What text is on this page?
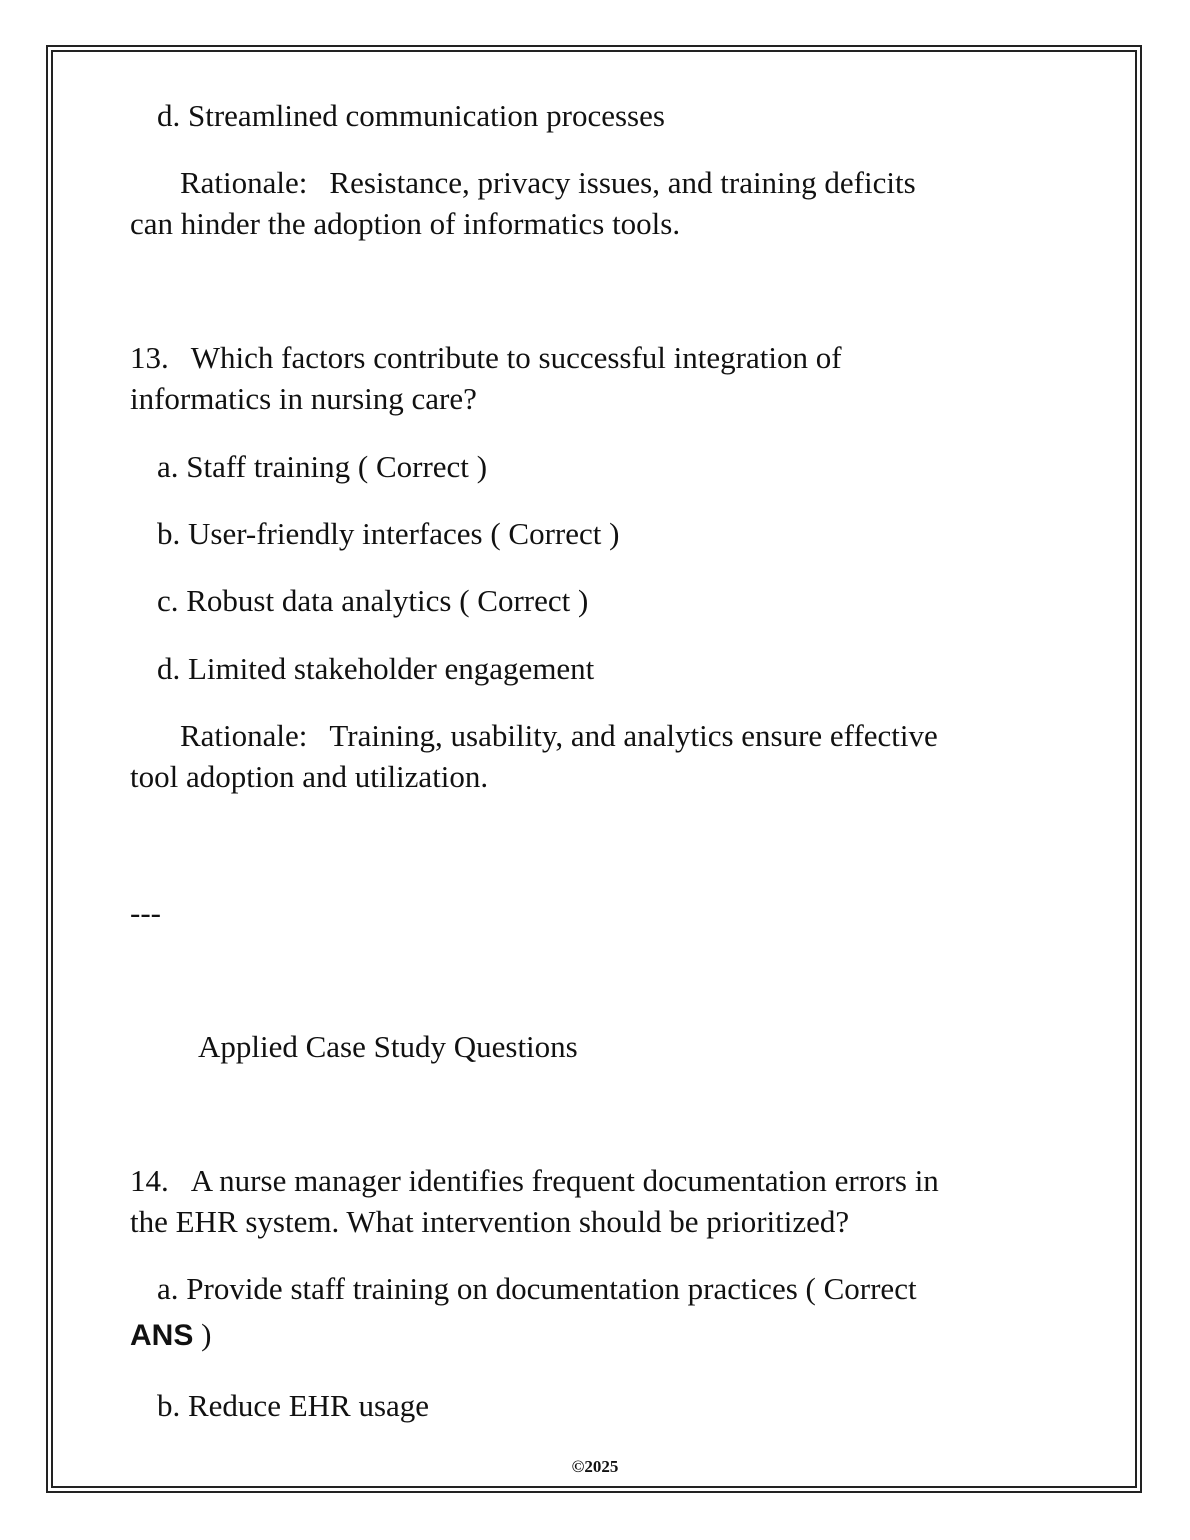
d. Streamlined communication processes
Rationale: Resistance, privacy issues, and training deficits
can hinder the adoption of informatics tools.
13. Which factors contribute to successful integration of
informatics in nursing care?
a. Staff training ( Correct )
b. User-friendly interfaces ( Correct )
c. Robust data analytics ( Correct )
d. Limited stakeholder engagement
Rationale: Training, usability, and analytics ensure effective
tool adoption and utilization.
---
Applied Case Study Questions
14. A nurse manager identifies frequent documentation errors in
the EHR system. What intervention should be prioritized?
a. Provide staff training on documentation practices ( Correct
ANS )
b. Reduce EHR usage
©2025
